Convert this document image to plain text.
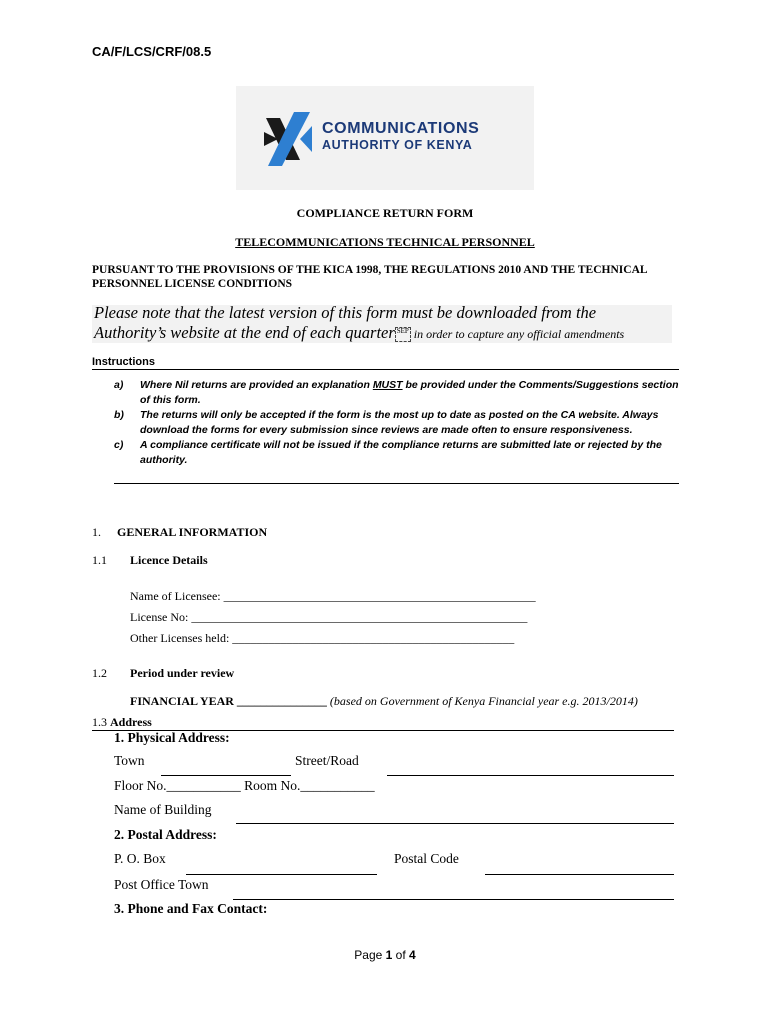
CA/F/LCS/CRF/08.5
COMMUNICATIONS
AUTHORITY OF KENYA
COMPLIANCE RETURN FORM
TELECOMMUNICATIONS TECHNICAL PERSONNEL
PURSUANT TO THE PROVISIONS OF THE KICA 1998, THE REGULATIONS 2010 AND THE TECHNICAL PERSONNEL LICENSE CONDITIONS
Please note that the latest version of this form must be downloaded from the
Authority’s website at the end of each quarter SEP in order to capture any official amendments
Instructions
a)	Where Nil returns are provided an explanation MUST be provided under the Comments/Suggestions section of this form.
b)	The returns will only be accepted if the form is the most up to date as posted on the CA website. Always download the forms for every submission since reviews are made often to ensure responsiveness.
c)	A compliance certificate will not be issued if the compliance returns are submitted late or rejected by the authority.
1. GENERAL INFORMATION
1.1 Licence Details
Name of Licensee: ____________________________________________________
License No: ________________________________________________________
Other Licenses held: _______________________________________________
1.2 Period under review
FINANCIAL YEAR _______________ (based on Government of Kenya Financial year e.g. 2013/2014)
1.3 Address
1. Physical Address:
Town	Street/Road
Floor No.___________ Room No.___________
Name of Building
2. Postal Address:
P. O. Box	Postal Code
Post Office Town
3. Phone and Fax Contact:
Page 1 of 4
